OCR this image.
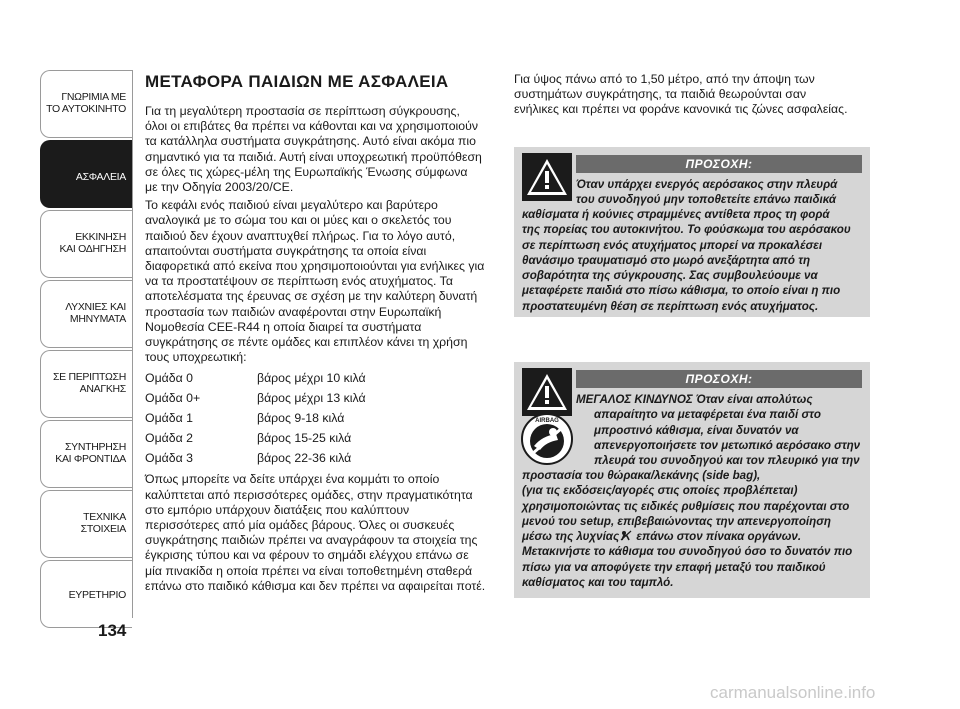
ΓΝΩΡΙΜΙΑ ΜΕ
ΤΟ ΑΥΤΟΚΙΝΗΤΟ
ΑΣΦΑΛΕΙΑ
ΕΚΚΙΝΗΣΗ
ΚΑΙ ΟΔΗΓΗΣΗ
ΛΥΧΝΙΕΣ ΚΑΙ
ΜΗΝΥΜΑΤΑ
ΣΕ ΠΕΡΙΠΤΩΣΗ
ΑΝΑΓΚΗΣ
ΣΥΝΤΗΡΗΣΗ
ΚΑΙ ΦΡΟΝΤΙΔΑ
ΤΕΧΝΙΚΑ
ΣΤΟΙΧΕΙΑ
ΕΥΡΕΤΗΡΙΟ
134
ΜΕΤΑΦΟΡΑ ΠΑΙΔΙΩΝ ΜΕ ΑΣΦΑΛΕΙΑ
Για τη μεγαλύτερη προστασία σε περίπτωση σύγκρουσης,
όλοι οι επιβάτες θα πρέπει να κάθονται και να χρησιμοποιούν
τα κατάλληλα συστήματα συγκράτησης. Αυτό είναι ακόμα πιο
σημαντικό για τα παιδιά. Αυτή είναι υποχρεωτική προϋπόθεση
σε όλες τις χώρες-μέλη της Ευρωπαϊκής Ένωσης σύμφωνα
με την Οδηγία 2003/20/CE.
Το κεφάλι ενός παιδιού είναι μεγαλύτερο και βαρύτερο
αναλογικά με το σώμα του και οι μύες και ο σκελετός του
παιδιού δεν έχουν αναπτυχθεί πλήρως. Για το λόγο αυτό,
απαιτούνται συστήματα συγκράτησης τα οποία είναι
διαφορετικά από εκείνα που χρησιμοποιούνται για ενήλικες για
να τα προστατέψουν σε περίπτωση ενός ατυχήματος. Τα
αποτελέσματα της έρευνας σε σχέση με την καλύτερη δυνατή
προστασία των παιδιών αναφέρονται στην Ευρωπαϊκή
Νομοθεσία CEE-R44 η οποία διαιρεί τα συστήματα
συγκράτησης σε πέντε ομάδες και επιπλέον κάνει τη χρήση
τους υποχρεωτική:
Ομάδα 0	βάρος μέχρι 10 κιλά
Ομάδα 0+	βάρος μέχρι 13 κιλά
Ομάδα 1	βάρος 9-18 κιλά
Ομάδα 2	βάρος 15-25 κιλά
Ομάδα 3	βάρος 22-36 κιλά
Όπως μπορείτε να δείτε υπάρχει ένα κομμάτι το οποίο
καλύπτεται από περισσότερες ομάδες, στην πραγματικότητα
στο εμπόριο υπάρχουν διατάξεις που καλύπτουν
περισσότερες από μία ομάδες βάρους. Όλες οι συσκευές
συγκράτησης παιδιών πρέπει να αναγράφουν τα στοιχεία της
έγκρισης τύπου και να φέρουν το σημάδι ελέγχου επάνω σε
μία πινακίδα η οποία πρέπει να είναι τοποθετημένη σταθερά
επάνω στο παιδικό κάθισμα και δεν πρέπει να αφαιρείται ποτέ.
Για ύψος πάνω από το 1,50 μέτρο, από την άποψη των
συστημάτων συγκράτησης, τα παιδιά θεωρούνται σαν
ενήλικες και πρέπει να φοράνε κανονικά τις ζώνες ασφαλείας.
ΠΡΟΣΟΧΗ:
Όταν υπάρχει ενεργός αερόσακος στην πλευρά
του συνοδηγού μην τοποθετείτε επάνω παιδικά
καθίσματα ή κούνιες στραμμένες αντίθετα προς τη φορά
της πορείας του αυτοκινήτου. Το φούσκωμα του αερόσακου
σε περίπτωση ενός ατυχήματος μπορεί να προκαλέσει
θανάσιμο τραυματισμό στο μωρό ανεξάρτητα από τη
σοβαρότητα της σύγκρουσης. Σας συμβουλεύουμε να
μεταφέρετε παιδιά στο πίσω κάθισμα, το οποίο είναι η πιο
προστατευμένη θέση σε περίπτωση ενός ατυχήματος.
AIRBAG
ΠΡΟΣΟΧΗ:
ΜΕΓΑΛΟΣ ΚΙΝΔΥΝΟΣ Όταν είναι απολύτως
απαραίτητο να μεταφέρεται ένα παιδί στο
μπροστινό κάθισμα, είναι δυνατόν να
απενεργοποιήσετε τον μετωπικό αερόσακο στην
πλευρά του συνοδηγού και τον πλευρικό για την
προστασία του θώρακα/λεκάνης (side bag),
(για τις εκδόσεις/αγορές στις οποίες προβλέπεται)
χρησιμοποιώντας τις ειδικές ρυθμίσεις που παρέχονται στο
μενού του setup, επιβεβαιώνοντας την απενεργοποίηση
μέσω της λυχνίας επάνω στον πίνακα οργάνων.
Μετακινήστε το κάθισμα του συνοδηγού όσο το δυνατόν πιο
πίσω για να αποφύγετε την επαφή μεταξύ του παιδικού
καθίσματος και του ταμπλό.
carmanualsonline.info
